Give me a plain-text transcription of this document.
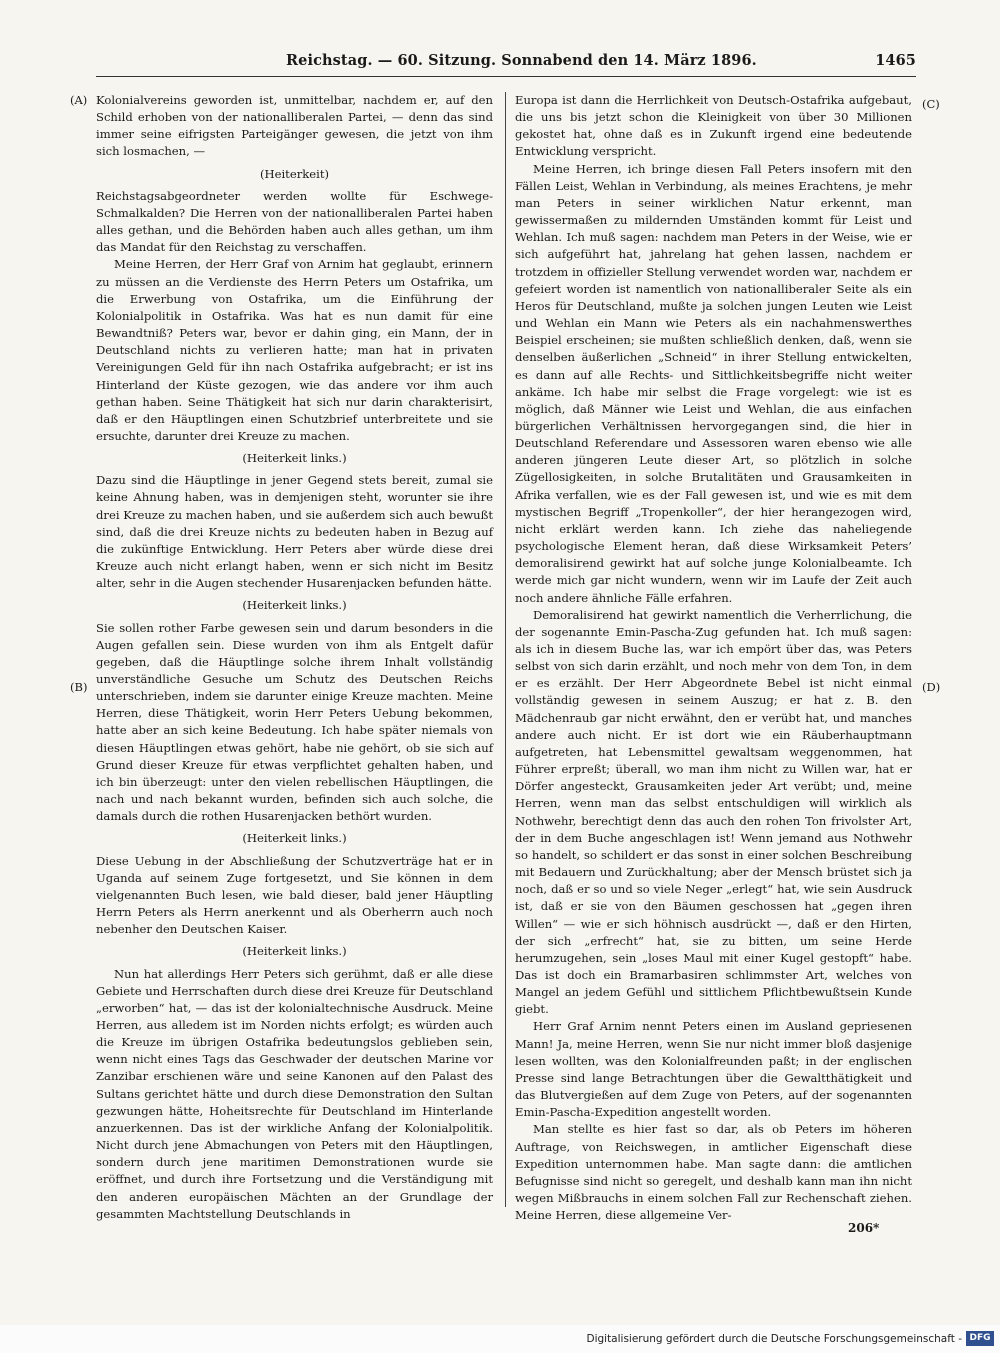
Reichstag. — 60. Sitzung. Sonnabend den 14. März 1896.	1465
(A)
(B)
(C)
(D)

Kolonialvereins geworden ist, unmittelbar, nachdem er, auf den Schild erhoben von der nationalliberalen Partei, — denn das sind immer seine eifrigsten Parteigänger gewesen, die jetzt von ihm sich losmachen, —

(Heiterkeit)

Reichstagsabgeordneter werden wollte für Eschwege-Schmalkalden? Die Herren von der nationalliberalen Partei haben alles gethan, und die Behörden haben auch alles gethan, um ihm das Mandat für den Reichstag zu verschaffen.

Meine Herren, der Herr Graf von Arnim hat geglaubt, erinnern zu müssen an die Verdienste des Herrn Peters um Ostafrika, um die Erwerbung von Ostafrika, um die Einführung der Kolonialpolitik in Ostafrika. Was hat es nun damit für eine Bewandtniß? Peters war, bevor er dahin ging, ein Mann, der in Deutschland nichts zu verlieren hatte; man hat in privaten Vereinigungen Geld für ihn nach Ostafrika aufgebracht; er ist ins Hinterland der Küste gezogen, wie das andere vor ihm auch gethan haben. Seine Thätigkeit hat sich nur darin charakterisirt, daß er den Häuptlingen einen Schutzbrief unterbreitete und sie ersuchte, darunter drei Kreuze zu machen.

(Heiterkeit links.)

Dazu sind die Häuptlinge in jener Gegend stets bereit, zumal sie keine Ahnung haben, was in demjenigen steht, worunter sie ihre drei Kreuze zu machen haben, und sie außerdem sich auch bewußt sind, daß die drei Kreuze nichts zu bedeuten haben in Bezug auf die zukünftige Entwicklung. Herr Peters aber würde diese drei Kreuze auch nicht erlangt haben, wenn er sich nicht im Besitz alter, sehr in die Augen stechender Husarenjacken befunden hätte.

(Heiterkeit links.)

Sie sollen rother Farbe gewesen sein und darum besonders in die Augen gefallen sein. Diese wurden von ihm als Entgelt dafür gegeben, daß die Häuptlinge solche ihrem Inhalt vollständig unverständliche Gesuche um Schutz des Deutschen Reichs unterschrieben, indem sie darunter einige Kreuze machten. Meine Herren, diese Thätigkeit, worin Herr Peters Uebung bekommen, hatte aber an sich keine Bedeutung. Ich habe später niemals von diesen Häuptlingen etwas gehört, habe nie gehört, ob sie sich auf Grund dieser Kreuze für etwas verpflichtet gehalten haben, und ich bin überzeugt: unter den vielen rebellischen Häuptlingen, die nach und nach bekannt wurden, befinden sich auch solche, die damals durch die rothen Husarenjacken bethört wurden.

(Heiterkeit links.)

Diese Uebung in der Abschließung der Schutzverträge hat er in Uganda auf seinem Zuge fortgesetzt, und Sie können in dem vielgenannten Buch lesen, wie bald dieser, bald jener Häuptling Herrn Peters als Herrn anerkennt und als Oberherrn auch noch nebenher den Deutschen Kaiser.

(Heiterkeit links.)

Nun hat allerdings Herr Peters sich gerühmt, daß er alle diese Gebiete und Herrschaften durch diese drei Kreuze für Deutschland „erworben“ hat, — das ist der kolonialtechnische Ausdruck. Meine Herren, aus alledem ist im Norden nichts erfolgt; es würden auch die Kreuze im übrigen Ostafrika bedeutungslos geblieben sein, wenn nicht eines Tags das Geschwader der deutschen Marine vor Zanzibar erschienen wäre und seine Kanonen auf den Palast des Sultans gerichtet hätte und durch diese Demonstration den Sultan gezwungen hätte, Hoheitsrechte für Deutschland im Hinterlande anzuerkennen. Das ist der wirkliche Anfang der Kolonialpolitik. Nicht durch jene Abmachungen von Peters mit den Häuptlingen, sondern durch jene maritimen Demonstrationen wurde sie eröffnet, und durch ihre Fortsetzung und die Verständigung mit den anderen europäischen Mächten an der Grundlage der gesammten Machtstellung Deutschlands in

Europa ist dann die Herrlichkeit von Deutsch-Ostafrika aufgebaut, die uns bis jetzt schon die Kleinigkeit von über 30 Millionen gekostet hat, ohne daß es in Zukunft irgend eine bedeutende Entwicklung verspricht.

Meine Herren, ich bringe diesen Fall Peters insofern mit den Fällen Leist, Wehlan in Verbindung, als meines Erachtens, je mehr man Peters in seiner wirklichen Natur erkennt, man gewissermaßen zu mildernden Umständen kommt für Leist und Wehlan. Ich muß sagen: nachdem man Peters in der Weise, wie er sich aufgeführt hat, jahrelang hat gehen lassen, nachdem er trotzdem in offizieller Stellung verwendet worden war, nachdem er gefeiert worden ist namentlich von nationalliberaler Seite als ein Heros für Deutschland, mußte ja solchen jungen Leuten wie Leist und Wehlan ein Mann wie Peters als ein nachahmenswerthes Beispiel erscheinen; sie mußten schließlich denken, daß, wenn sie denselben äußerlichen „Schneid“ in ihrer Stellung entwickelten, es dann auf alle Rechts- und Sittlichkeitsbegriffe nicht weiter ankäme. Ich habe mir selbst die Frage vorgelegt: wie ist es möglich, daß Männer wie Leist und Wehlan, die aus einfachen bürgerlichen Verhältnissen hervorgegangen sind, die hier in Deutschland Referendare und Assessoren waren ebenso wie alle anderen jüngeren Leute dieser Art, so plötzlich in solche Zügellosigkeiten, in solche Brutalitäten und Grausamkeiten in Afrika verfallen, wie es der Fall gewesen ist, und wie es mit dem mystischen Begriff „Tropenkoller“, der hier herangezogen wird, nicht erklärt werden kann. Ich ziehe das naheliegende psychologische Element heran, daß diese Wirksamkeit Peters’ demoralisirend gewirkt hat auf solche junge Kolonialbeamte. Ich werde mich gar nicht wundern, wenn wir im Laufe der Zeit auch noch andere ähnliche Fälle erfahren.

Demoralisirend hat gewirkt namentlich die Verherrlichung, die der sogenannte Emin-Pascha-Zug gefunden hat. Ich muß sagen: als ich in diesem Buche las, war ich empört über das, was Peters selbst von sich darin erzählt, und noch mehr von dem Ton, in dem er es erzählt. Der Herr Abgeordnete Bebel ist nicht einmal vollständig gewesen in seinem Auszug; er hat z. B. den Mädchenraub gar nicht erwähnt, den er verübt hat, und manches andere auch nicht. Er ist dort wie ein Räuberhauptmann aufgetreten, hat Lebensmittel gewaltsam weggenommen, hat Führer erpreßt; überall, wo man ihm nicht zu Willen war, hat er Dörfer angesteckt, Grausamkeiten jeder Art verübt; und, meine Herren, wenn man das selbst entschuldigen will wirklich als Nothwehr, berechtigt denn das auch den rohen Ton frivolster Art, der in dem Buche angeschlagen ist! Wenn jemand aus Nothwehr so handelt, so schildert er das sonst in einer solchen Beschreibung mit Bedauern und Zurückhaltung; aber der Mensch brüstet sich ja noch, daß er so und so viele Neger „erlegt“ hat, wie sein Ausdruck ist, daß er sie von den Bäumen geschossen hat „gegen ihren Willen“ — wie er sich höhnisch ausdrückt —, daß er den Hirten, der sich „erfrecht“ hat, sie zu bitten, um seine Herde herumzugehen, sein „loses Maul mit einer Kugel gestopft“ habe. Das ist doch ein Bramarbasiren schlimmster Art, welches von Mangel an jedem Gefühl und sittlichem Pflichtbewußtsein Kunde giebt.

Herr Graf Arnim nennt Peters einen im Ausland gepriesenen Mann! Ja, meine Herren, wenn Sie nur nicht immer bloß dasjenige lesen wollten, was den Kolonialfreunden paßt; in der englischen Presse sind lange Betrachtungen über die Gewaltthätigkeit und das Blutvergießen auf dem Zuge von Peters, auf der sogenannten Emin-Pascha-Expedition angestellt worden.

Man stellte es hier fast so dar, als ob Peters im höheren Auftrage, von Reichswegen, in amtlicher Eigenschaft diese Expedition unternommen habe. Man sagte dann: die amtlichen Befugnisse sind nicht so geregelt, und deshalb kann man ihn nicht wegen Mißbrauchs in einem solchen Fall zur Rechenschaft ziehen. Meine Herren, diese allgemeine Ver-

206*
Digitalisierung gefördert durch die Deutsche Forschungsgemeinschaft - DFG
